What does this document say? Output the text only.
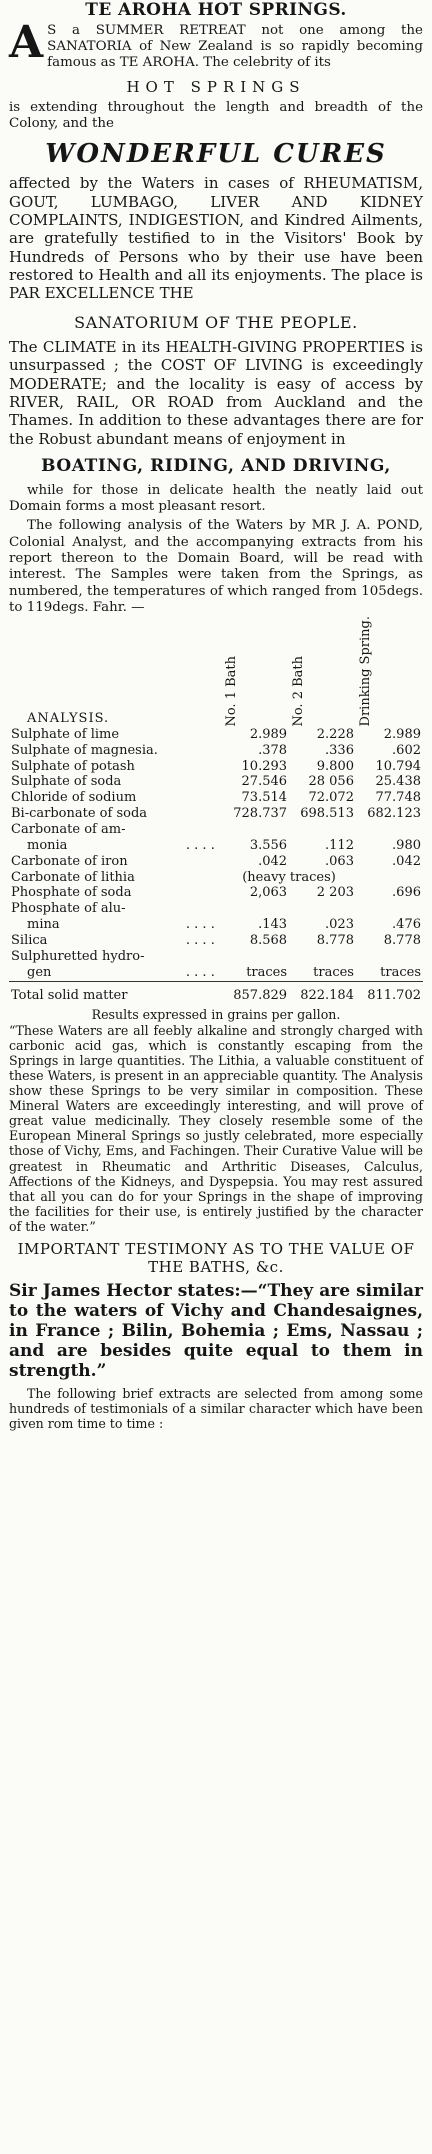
TE AROHA HOT SPRINGS.

A S a SUMMER RETREAT not one among the SANATORIA of New Zealand is so rapidly becoming famous as TE AROHA. The celebrity of its

HOT SPRINGS

is extending throughout the length and breadth of the Colony, and the

WONDERFUL CURES

affected by the Waters in cases of RHEUMATISM, GOUT, LUMBAGO, LIVER AND KIDNEY COMPLAINTS, INDIGESTION, and Kindred Ailments, are gratefully testified to in the Visitors' Book by Hundreds of Persons who by their use have been restored to Health and all its enjoyments. The place is PAR EXCELLENCE THE

SANATORIUM OF THE PEOPLE.

The CLIMATE in its HEALTH-GIVING PROPERTIES is unsurpassed ; the COST OF LIVING is exceedingly MODERATE; and the locality is easy of access by RIVER, RAIL, OR ROAD from Auckland and the Thames. In addition to these advantages there are for the Robust abundant means of enjoyment in

BOATING, RIDING, AND DRIVING,

while for those in delicate health the neatly laid out Domain forms a most pleasant resort.

The following analysis of the Waters by MR J. A. POND, Colonial Analyst, and the accompanying extracts from his report thereon to the Domain Board, will be read with interest. The Samples were taken from the Springs, as numbered, the temperatures of which ranged from 105degs. to 119degs. Fahr. —

ANALYSIS.		No. 1 Bath	No. 2 Bath	Drinking Spring.

Sulphate of lime		2.989	2.228	2.989
Sulphate of magnesia.		.378	.336	.602
Sulphate of potash		10.293	9.800	10.794
Sulphate of soda		27.546	28 056	25.438
Chloride of sodium		73.514	72.072	77.748
Bi-carbonate of soda		728.737	698.513	682.123
Carbonate of am-				
monia	. . . .	3.556	.112	.980
Carbonate of iron		.042	.063	.042
Carbonate of lithia		(heavy traces)		
Phosphate of soda		2,063	2 203	.696
Phosphate of alu-				
mina	. . . .	.143	.023	.476
Silica	. . . .	8.568	8.778	8.778
Sulphuretted hydro-				
gen	. . . .	traces	traces	traces

Total solid matter		857.829	822.184	811.702
Results expressed in grains per gallon.

“These Waters are all feebly alkaline and strongly charged with carbonic acid gas, which is constantly escaping from the Springs in large quantities. The Lithia, a valuable constituent of these Waters, is present in an appreciable quantity. The Analysis show these Springs to be very similar in composition. These Mineral Waters are exceedingly interesting, and will prove of great value medicinally. They closely resemble some of the European Mineral Springs so justly celebrated, more especially those of Vichy, Ems, and Fachingen. Their Curative Value will be greatest in Rheumatic and Arthritic Diseases, Calculus, Affections of the Kidneys, and Dyspepsia. You may rest assured that all you can do for your Springs in the shape of improving the facilities for their use, is entirely justified by the character of the water.”

IMPORTANT TESTIMONY AS TO THE VALUE OF THE BATHS, &c.

Sir James Hector states:—“They are similar to the waters of Vichy and Chandesaignes, in France ; Bilin, Bohemia ; Ems, Nassau ; and are besides quite equal to them in strength.”

The following brief extracts are selected from among some hundreds of testimonials of a similar character which have been given rom time to time :
